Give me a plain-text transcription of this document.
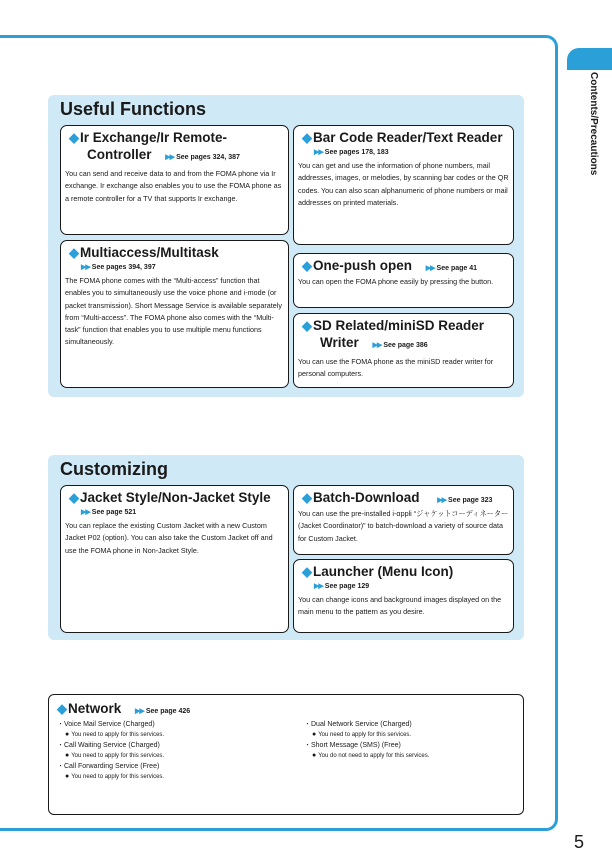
Contents/Precautions
5
Useful Functions
◆Ir Exchange/Ir Remote-
Controller ▶▶ See pages 324, 387

You can send and receive data to and from the FOMA phone via Ir exchange. Ir exchange also enables you to use the FOMA phone as a remote controller for a TV that supports Ir exchange.

◆Multiaccess/Multitask
▶▶ See pages 394, 397

The FOMA phone comes with the “Multi-access” function that enables you to simultaneously use the voice phone and i-mode (or packet transmission). Short Message Service is available separately from “Multi-access”. The FOMA phone also comes with the “Multi-task” function that enables you to use multiple menu functions simultaneously.

◆Bar Code Reader/Text Reader
▶▶ See pages 178, 183

You can get and use the information of phone numbers, mail addresses, images, or melodies, by scanning bar codes or the QR codes. You can also scan alphanumeric of phone numbers or mail addresses on printed materials.

◆One-push open ▶▶ See page 41

You can open the FOMA phone easily by pressing the button.

◆SD Related/miniSD Reader
Writer ▶▶ See page 386

You can use the FOMA phone as the miniSD reader writer for personal computers.

Customizing
◆Jacket Style/Non-Jacket Style
▶▶ See page 521

You can replace the existing Custom Jacket with a new Custom Jacket P02 (option). You can also take the Custom Jacket off and use the FOMA phone in Non-Jacket Style.

◆Batch-Download	▶▶ See page 323

You can use the pre-installed i-αppli “ジャケットコーディネーター (Jacket Coordinator)” to batch-download a variety of source data for Custom Jacket.

◆Launcher (Menu Icon)
▶▶ See page 129

You can change icons and background images displayed on the main menu to the pattern as you desire.

◆Network ▶▶ See page 426
・Voice Mail Service (Charged)
● You need to apply for this services.
・Call Waiting Service (Charged)
● You need to apply for this services.
・Call Forwarding Service (Free)
● You need to apply for this services.
・Dual Network Service (Charged)
● You need to apply for this services.
・Short Message (SMS) (Free)
● You do not need to apply for this services.
